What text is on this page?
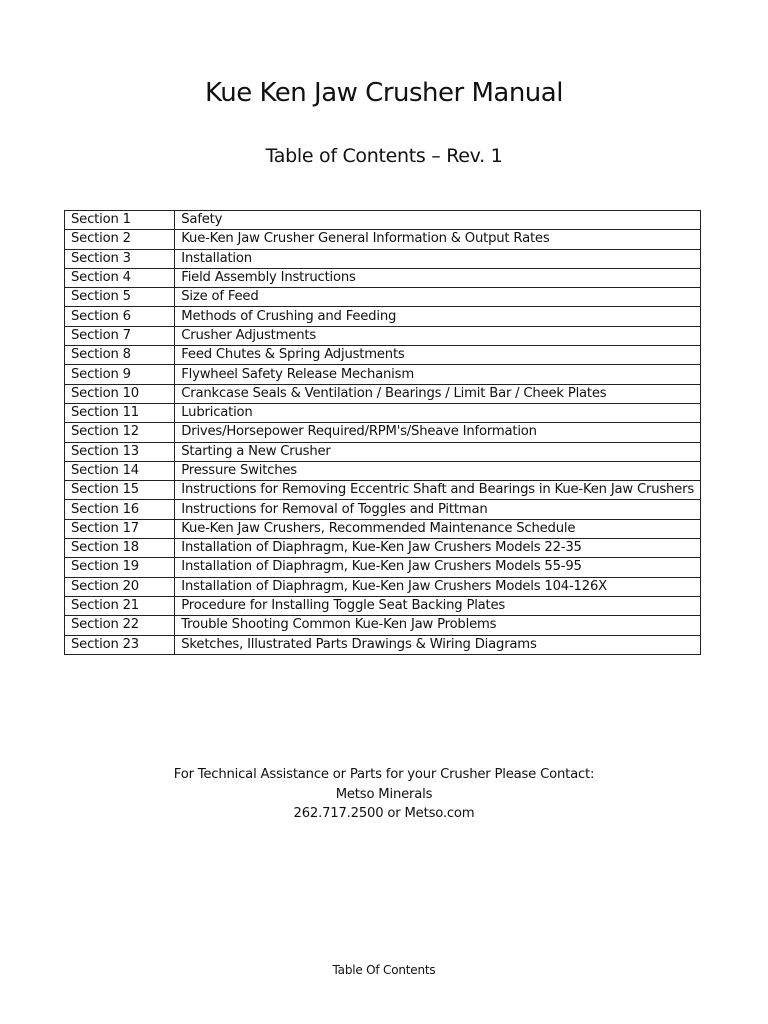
Kue Ken Jaw Crusher Manual
Table of Contents – Rev. 1
Section 1	Safety
Section 2	Kue-Ken Jaw Crusher General Information & Output Rates
Section 3	Installation
Section 4	Field Assembly Instructions
Section 5	Size of Feed
Section 6	Methods of Crushing and Feeding
Section 7	Crusher Adjustments
Section 8	Feed Chutes & Spring Adjustments
Section 9	Flywheel Safety Release Mechanism
Section 10	Crankcase Seals & Ventilation / Bearings / Limit Bar / Cheek Plates
Section 11	Lubrication
Section 12	Drives/Horsepower Required/RPM's/Sheave Information
Section 13	Starting a New Crusher
Section 14	Pressure Switches
Section 15	Instructions for Removing Eccentric Shaft and Bearings in Kue-Ken Jaw Crushers
Section 16	Instructions for Removal of Toggles and Pittman
Section 17	Kue-Ken Jaw Crushers, Recommended Maintenance Schedule
Section 18	Installation of Diaphragm, Kue-Ken Jaw Crushers Models 22-35
Section 19	Installation of Diaphragm, Kue-Ken Jaw Crushers Models 55-95
Section 20	Installation of Diaphragm, Kue-Ken Jaw Crushers Models 104-126X
Section 21	Procedure for Installing Toggle Seat Backing Plates
Section 22	Trouble Shooting Common Kue-Ken Jaw Problems
Section 23	Sketches, Illustrated Parts Drawings & Wiring Diagrams
For Technical Assistance or Parts for your Crusher Please Contact:
Metso Minerals
262.717.2500 or Metso.com
Table Of Contents
